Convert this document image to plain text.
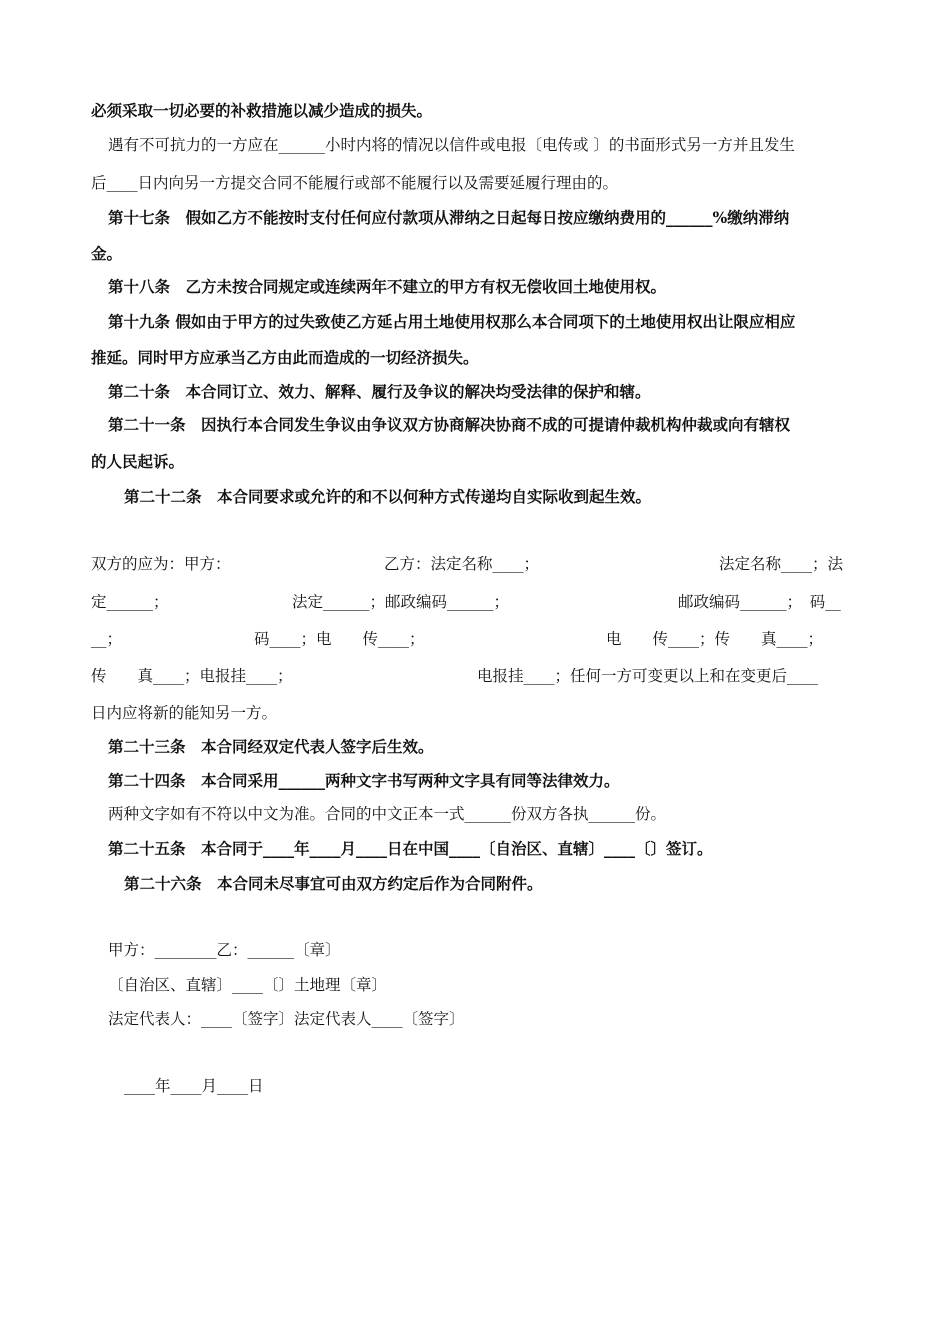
必须采取一切必要的补救措施以减少造成的损失。
遇有不可抗力的一方应在______小时内将的情况以信件或电报〔电传或 〕的书面形式另一方并且发生
后____日内向另一方提交合同不能履行或部不能履行以及需要延履行理由的。
第十七条　假如乙方不能按时支付任何应付款项从滞纳之日起每日按应缴纳费用的______%缴纳滞纳
金。
第十八条　乙方未按合同规定或连续两年不建立的甲方有权无偿收回土地使用权。
第十九条 假如由于甲方的过失致使乙方延占用土地使用权那么本合同项下的土地使用权出让限应相应
推延。同时甲方应承当乙方由此而造成的一切经济损失。
第二十条　本合同订立、效力、解释、履行及争议的解决均受法律的保护和辖。
第二十一条　因执行本合同发生争议由争议双方协商解决协商不成的可提请仲裁机构仲裁或向有辖权
的人民起诉。
第二十二条　本合同要求或允许的和不以何种方式传递均自实际收到起生效。
双方的应为：甲方：	乙方：法定名称____；	法定名称____；法
定______；	法定______；邮政编码______；	邮政编码______；　码__
__；	码____；电　　传____；	电　　传____；传　　真____；
传　　真____；电报挂____；	电报挂____；任何一方可变更以上和在变更后____
日内应将新的能知另一方。
第二十三条　本合同经双定代表人签字后生效。
第二十四条　本合同采用______两种文字书写两种文字具有同等法律效力。
两种文字如有不符以中文为准。合同的中文正本一式______份双方各执______份。
第二十五条　本合同于____年____月____日在中国____〔自治区、直辖〕____〔〕签订。
第二十六条　本合同未尽事宜可由双方约定后作为合同附件。
甲方：________乙：______〔章〕
〔自治区、直辖〕____〔〕土地理〔章〕
法定代表人：____〔签字〕法定代表人____〔签字〕
____年____月____日
